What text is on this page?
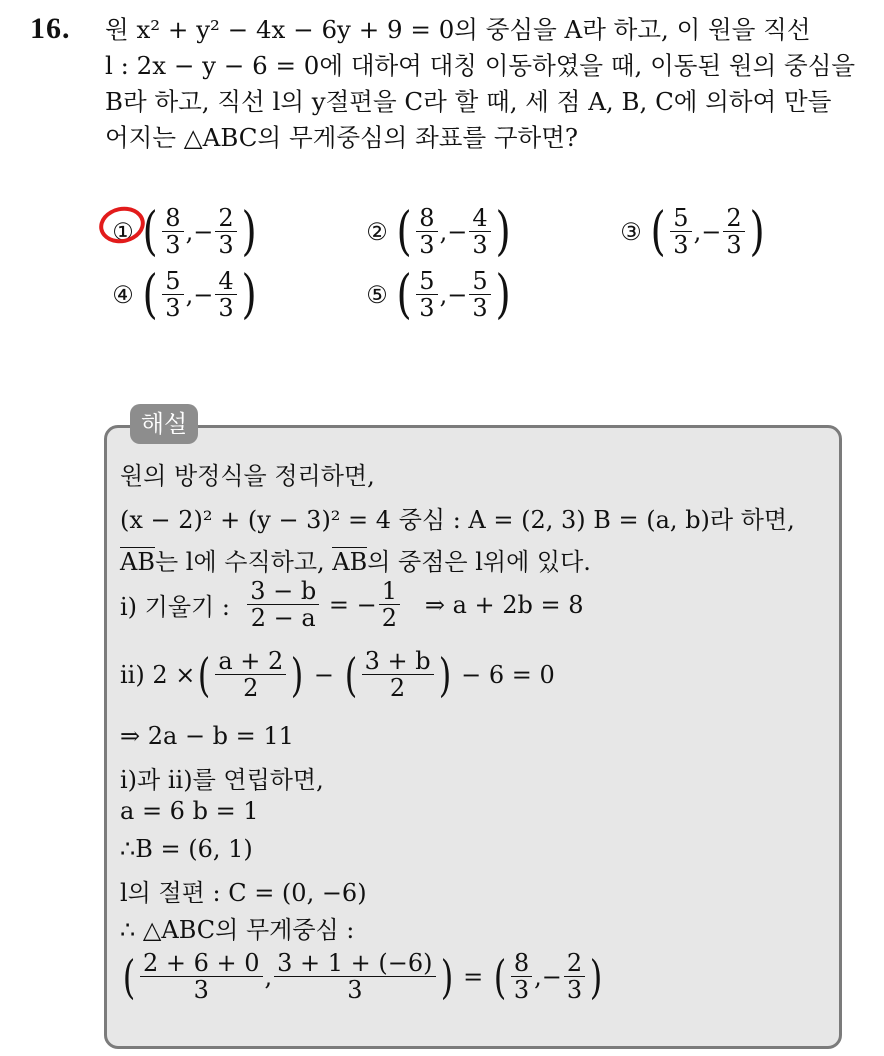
16. 원 x² + y² − 4x − 6y + 9 = 0의 중심을 A라 하고, 이 원을 직선
l : 2x − y − 6 = 0에 대하여 대칭 이동하였을 때, 이동된 원의 중심을
B라 하고, 직선 l의 y절편을 C라 할 때, 세 점 A, B, C에 의하여 만들
어지는 △ABC의 무게중심의 좌표를 구하면?
① ( $\frac{8}{3}$ , − $\frac{2}{3}$ )	② ( $\frac{8}{3}$ , − $\frac{4}{3}$ )	③ ( $\frac{5}{3}$ , − $\frac{2}{3}$ )
④ ( $\frac{5}{3}$ , − $\frac{4}{3}$ )	⑤ ( $\frac{5}{3}$ , − $\frac{5}{3}$ )
해설
원의 방정식을 정리하면,
(x − 2)² + (y − 3)² = 4 중심 : A = (2, 3) B = (a, b)라 하면,
AB는 l에 수직하고, AB의 중점은 l위에 있다.
i) 기울기 :
$\frac{3 - b}{2 - a}$
= − $\frac{1}{2}$
⇒ a + 2b = 8
ii) 2 × ( $\frac{a + 2}{2}$ )
−
( $\frac{3 + b}{2}$ )
− 6 = 0
⇒ 2a − b = 11
i)과 ii)를 연립하면,
a = 6 b = 1
∴B = (6, 1)
l의 절편 : C = (0, −6)
∴ △ABC의 무게중심 :
( $\frac{2 + 6 + 0}{3}$ , $\frac{3 + 1 + (-6)}{3}$ )
=
( $\frac{8}{3}$ ,− $\frac{2}{3}$ )
